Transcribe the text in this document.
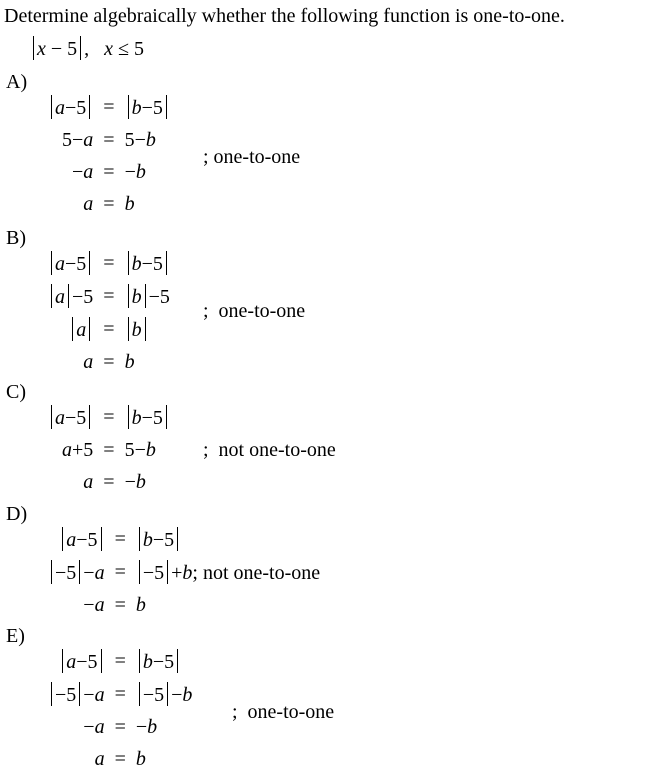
Determine algebraically whether the following function is one-to-one.
x − 5 , x ≤ 5
A)
a−5 = b−5
5−a = 5−b
−a = −b
a = b
; one-to-one
B)
a−5 = b−5
a −5 = b −5
a = b
a = b
;  one-to-one
C)
a−5 = b−5
a+5 = 5−b
a = −b
;  not one-to-one
D)
a−5 = b−5
−5 −a = −5 +b; not one-to-one
−a = b
E)
a−5 = b−5
−5 −a = −5 −b
−a = −b
a = b
;  one-to-one
